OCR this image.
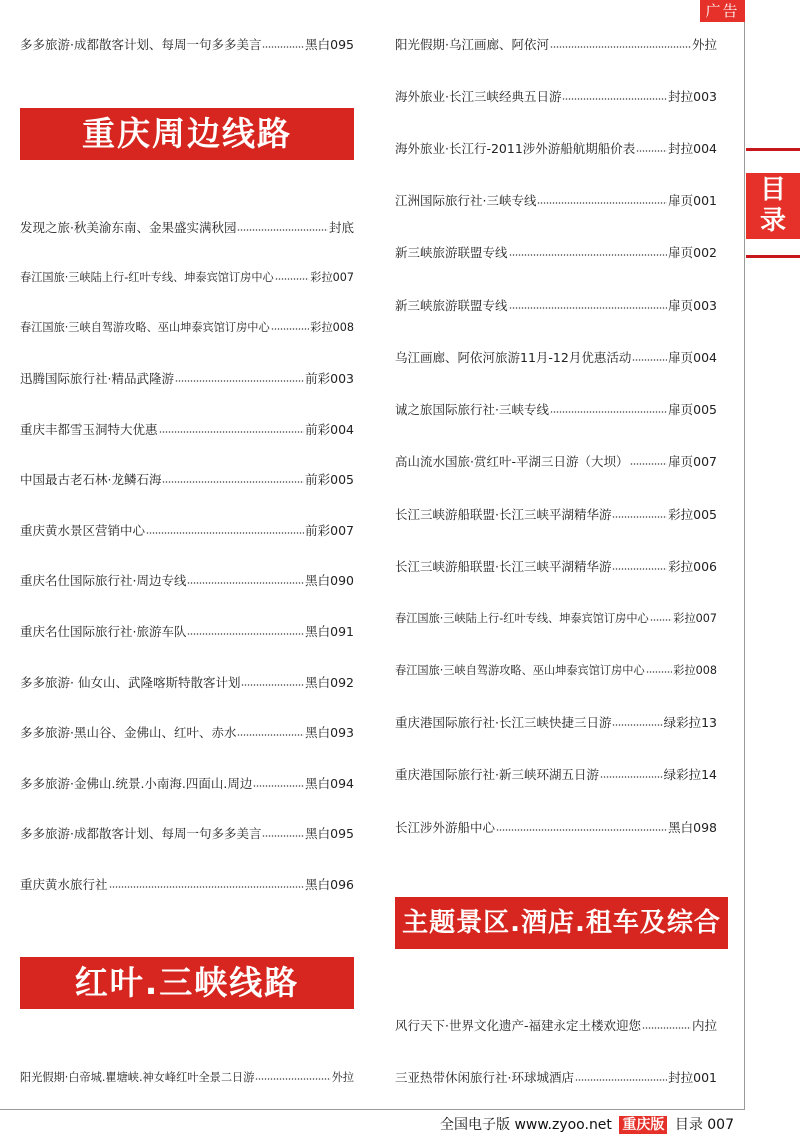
广告
目
录
多多旅游·成都散客计划、每周一句多多美言	黑白095
重庆周边线路
发现之旅·秋美渝东南、金果盛实满秋园	封底
春江国旅·三峡陆上行-红叶专线、坤泰宾馆订房中心	彩拉007
春江国旅·三峡自驾游攻略、巫山坤泰宾馆订房中心	彩拉008
迅腾国际旅行社·精品武隆游	前彩003
重庆丰都雪玉洞特大优惠	前彩004
中国最古老石林·龙鳞石海	前彩005
重庆黄水景区营销中心	前彩007
重庆名仕国际旅行社·周边专线	黑白090
重庆名仕国际旅行社·旅游车队	黑白091
多多旅游· 仙女山、武隆喀斯特散客计划	黑白092
多多旅游·黑山谷、金佛山、红叶、赤水	黑白093
多多旅游·金佛山.统景.小南海.四面山.周边	黑白094
多多旅游·成都散客计划、每周一句多多美言	黑白095
重庆黄水旅行社	黑白096
红叶.三峡线路
阳光假期·白帝城.瞿塘峡.神女峰红叶全景二日游	外拉
阳光假期·乌江画廊、阿依河	外拉
海外旅业·长江三峡经典五日游	封拉003
海外旅业·长江行-2011涉外游船航期船价表	封拉004
江洲国际旅行社·三峡专线	扉页001
新三峡旅游联盟专线	扉页002
新三峡旅游联盟专线	扉页003
乌江画廊、阿依河旅游11月-12月优惠活动	扉页004
诚之旅国际旅行社·三峡专线	扉页005
高山流水国旅·赏红叶-平湖三日游（大坝）	扉页007
长江三峡游船联盟·长江三峡平湖精华游	彩拉005
长江三峡游船联盟·长江三峡平湖精华游	彩拉006
春江国旅·三峡陆上行-红叶专线、坤泰宾馆订房中心 彩拉007
春江国旅·三峡自驾游攻略、巫山坤泰宾馆订房中心	彩拉008
重庆港国际旅行社·长江三峡快捷三日游	绿彩拉13
重庆港国际旅行社·新三峡环湖五日游	绿彩拉14
长江涉外游船中心	黑白098
主题景区.酒店.租车及综合
风行天下·世界文化遗产-福建永定土楼欢迎您	内拉
三亚热带休闲旅行社·环球城酒店	封拉001
全国电子版 www.zyoo.net 重庆版 目录 007
